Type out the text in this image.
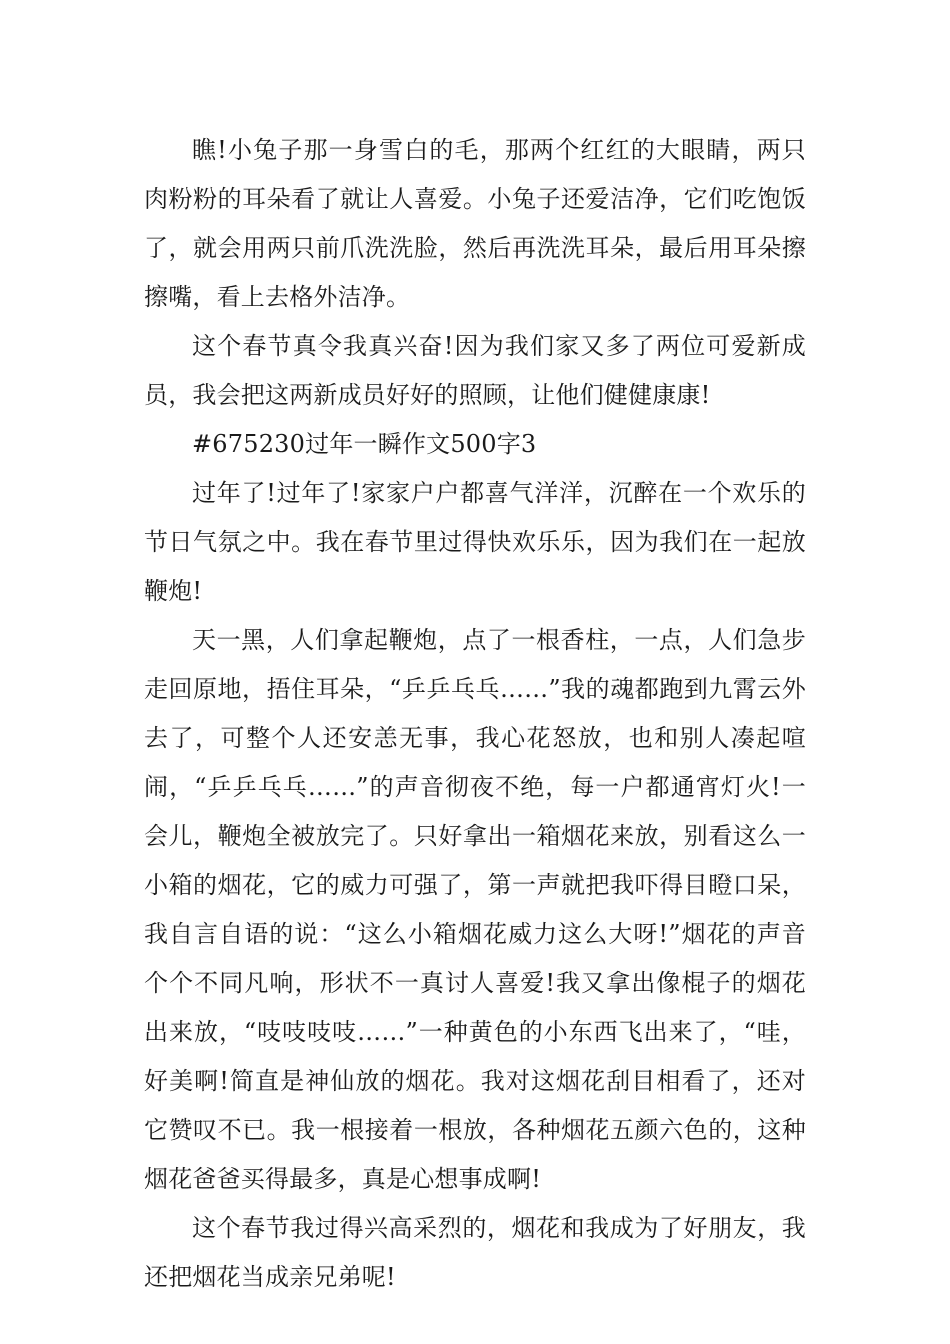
瞧!小兔子那一身雪白的毛，那两个红红的大眼睛，两只肉粉粉的耳朵看了就让人喜爱。小兔子还爱洁净，它们吃饱饭了，就会用两只前爪洗洗脸，然后再洗洗耳朵，最后用耳朵擦擦嘴，看上去格外洁净。

这个春节真令我真兴奋!因为我们家又多了两位可爱新成员，我会把这两新成员好好的照顾，让他们健健康康!

#675230过年一瞬作文500字3

过年了!过年了!家家户户都喜气洋洋，沉醉在一个欢乐的节日气氛之中。我在春节里过得快欢乐乐，因为我们在一起放鞭炮!

天一黑，人们拿起鞭炮，点了一根香柱，一点，人们急步走回原地，捂住耳朵，“乒乒乓乓……”我的魂都跑到九霄云外去了，可整个人还安恙无事，我心花怒放，也和别人凑起喧闹，“乒乒乓乓……”的声音彻夜不绝，每一户都通宵灯火!一会儿，鞭炮全被放完了。只好拿出一箱烟花来放，别看这么一小箱的烟花，它的威力可强了，第一声就把我吓得目瞪口呆，我自言自语的说：“这么小箱烟花威力这么大呀!”烟花的声音个个不同凡响，形状不一真讨人喜爱!我又拿出像棍子的烟花出来放，“吱吱吱吱……”一种黄色的小东西飞出来了，“哇，好美啊!简直是神仙放的烟花。我对这烟花刮目相看了，还对它赞叹不已。我一根接着一根放，各种烟花五颜六色的，这种烟花爸爸买得最多，真是心想事成啊!

这个春节我过得兴高采烈的，烟花和我成为了好朋友，我还把烟花当成亲兄弟呢!
